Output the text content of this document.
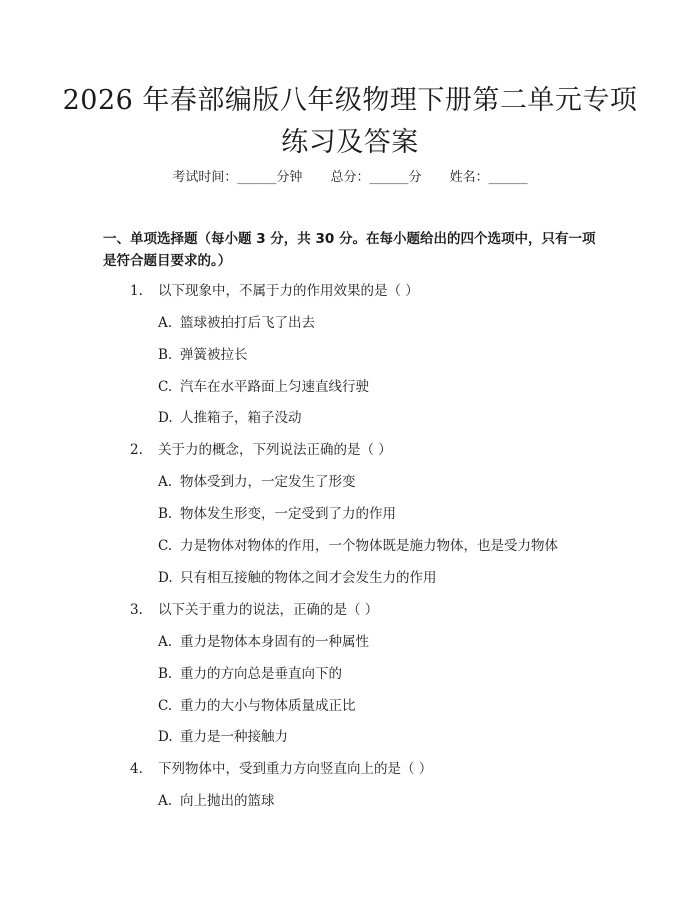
2026 年春部编版八年级物理下册第二单元专项练习及答案
考试时间：______分钟 总分：______分 姓名：______
一、单项选择题（每小题 3 分，共 30 分。在每小题给出的四个选项中，只有一项是符合题目要求的。）
1. 以下现象中，不属于力的作用效果的是（ ）
A. 篮球被拍打后飞了出去
B. 弹簧被拉长
C. 汽车在水平路面上匀速直线行驶
D. 人推箱子，箱子没动
2. 关于力的概念，下列说法正确的是（ ）
A. 物体受到力，一定发生了形变
B. 物体发生形变，一定受到了力的作用
C. 力是物体对物体的作用，一个物体既是施力物体，也是受力物体
D. 只有相互接触的物体之间才会发生力的作用
3. 以下关于重力的说法，正确的是（ ）
A. 重力是物体本身固有的一种属性
B. 重力的方向总是垂直向下的
C. 重力的大小与物体质量成正比
D. 重力是一种接触力
4. 下列物体中，受到重力方向竖直向上的是（ ）
A. 向上抛出的篮球
